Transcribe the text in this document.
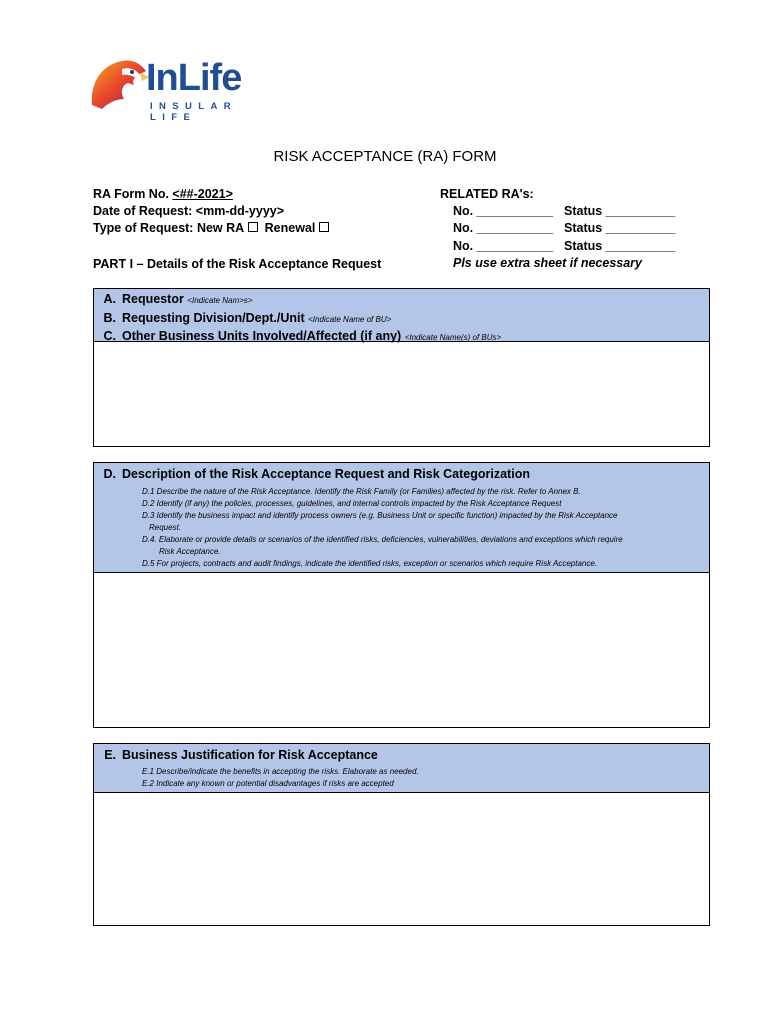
InLife
INSULAR LIFE
RISK ACCEPTANCE (RA) FORM
RA Form No. <##-2021>
Date of Request: <mm-dd-yyyy>
Type of Request: New RA Renewal
PART I – Details of the Risk Acceptance Request
RELATED RA's:
No. ___________ Status __________
No. ___________ Status __________
No. ___________ Status __________
Pls use extra sheet if necessary
A. Requestor <Indicate Nam>s>
B. Requesting Division/Dept./Unit <Indicate Name of BU>
C. Other Business Units Involved/Affected (if any) <Indicate Name(s) of BUs>
D. Description of the Risk Acceptance Request and Risk Categorization
D.1 Describe the nature of the Risk Acceptance. Identify the Risk Family (or Families) affected by the risk. Refer to Annex B.
D.2 Identify (if any) the policies, processes, guidelines, and internal controls impacted by the Risk Acceptance Request
D.3 Identify the business impact and identify process owners (e.g. Business Unit or specific function) impacted by the Risk Acceptance
Request.
D.4. Elaborate or provide details or scenarios of the identified risks, deficiencies, vulnerabilities, deviations and exceptions which require
Risk Acceptance.
D.5 For projects, contracts and audit findings, indicate the identified risks, exception or scenarios which require Risk Acceptance.
E. Business Justification for Risk Acceptance
E.1 Describe/indicate the benefits in accepting the risks. Elaborate as needed.
E.2 Indicate any known or potential disadvantages if risks are accepted
